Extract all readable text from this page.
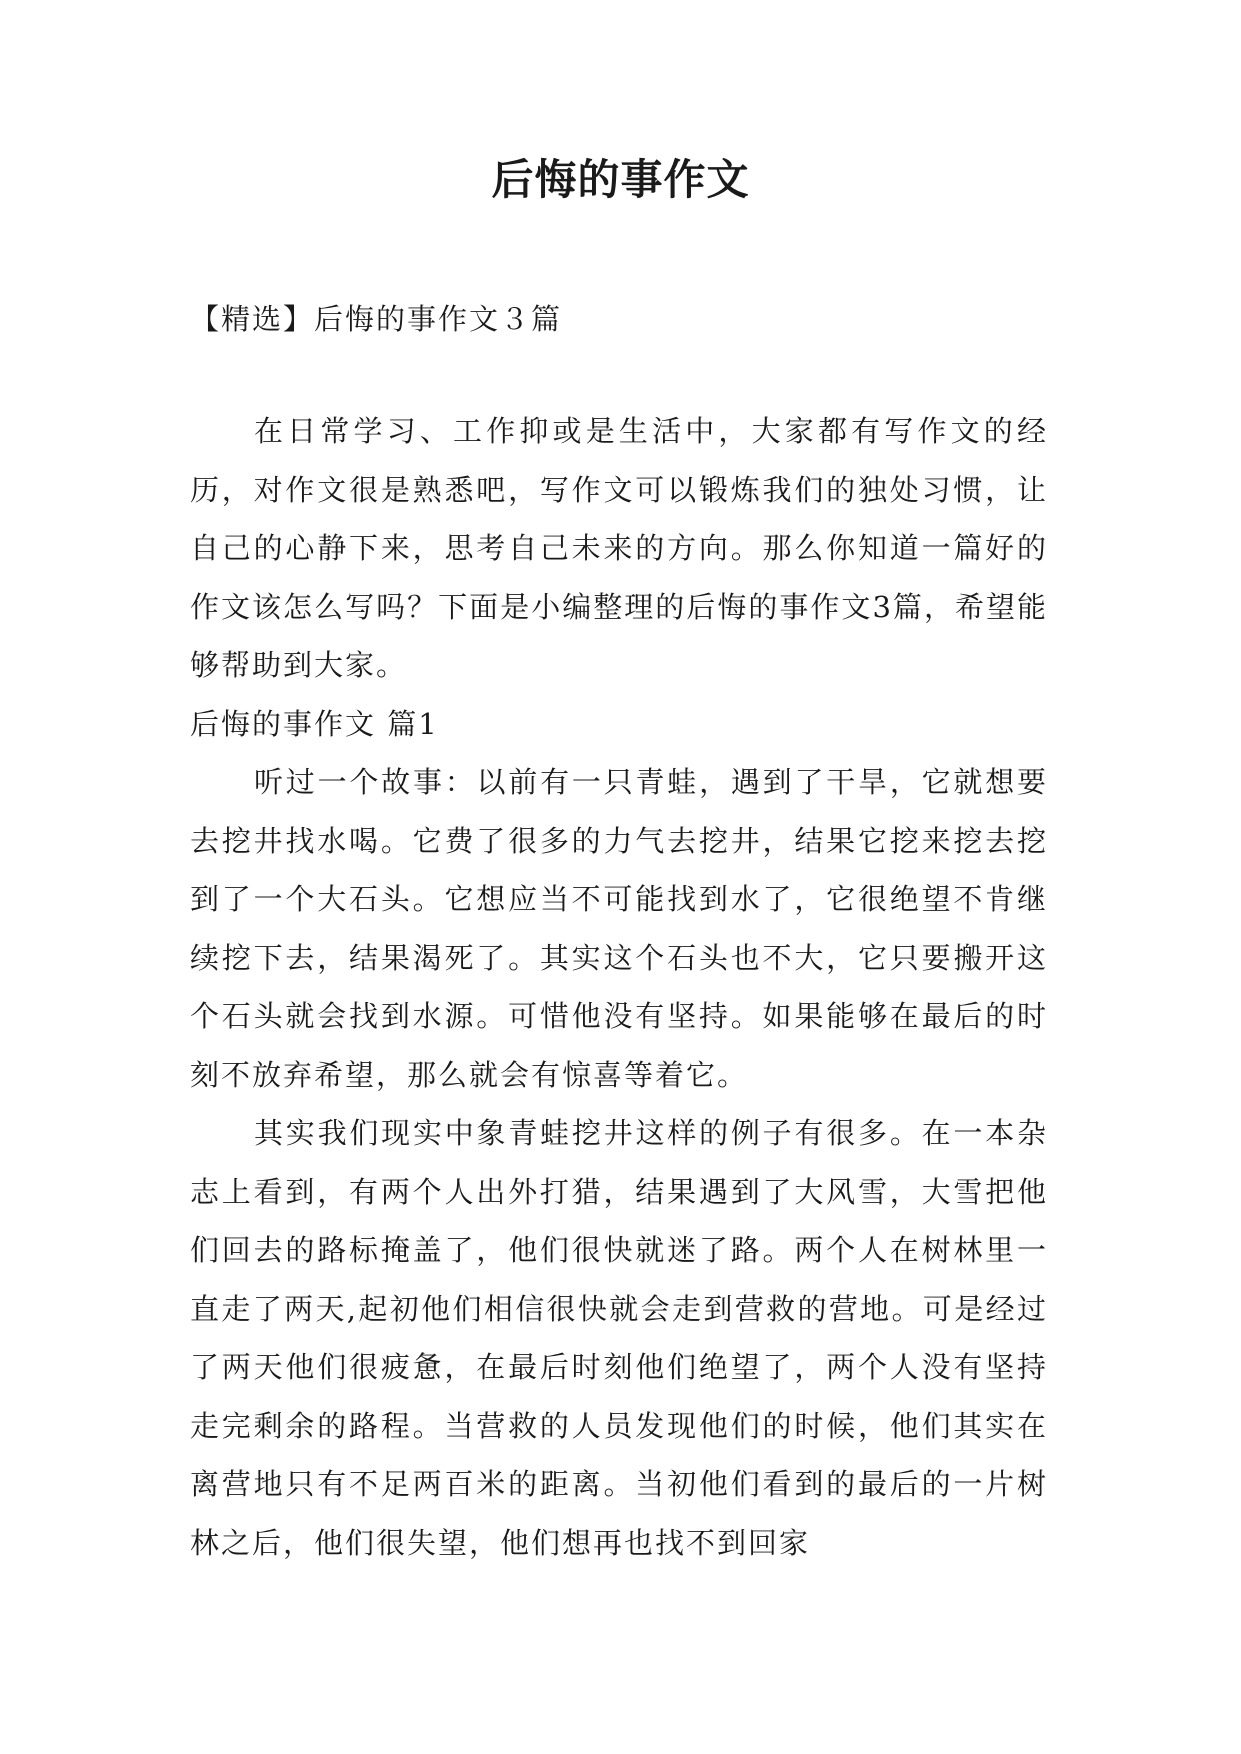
后悔的事作文
【精选】后悔的事作文３篇

在日常学习、工作抑或是生活中，大家都有写作文的经历，对作文很是熟悉吧，写作文可以锻炼我们的独处习惯，让自己的心静下来，思考自己未来的方向。那么你知道一篇好的作文该怎么写吗？下面是小编整理的后悔的事作文3篇，希望能够帮助到大家。

后悔的事作文 篇1

听过一个故事：以前有一只青蛙，遇到了干旱，它就想要去挖井找水喝。它费了很多的力气去挖井，结果它挖来挖去挖到了一个大石头。它想应当不可能找到水了，它很绝望不肯继续挖下去，结果渴死了。其实这个石头也不大，它只要搬开这个石头就会找到水源。可惜他没有坚持。如果能够在最后的时刻不放弃希望，那么就会有惊喜等着它。

其实我们现实中象青蛙挖井这样的例子有很多。在一本杂志上看到，有两个人出外打猎，结果遇到了大风雪，大雪把他们回去的路标掩盖了，他们很快就迷了路。两个人在树林里一直走了两天,起初他们相信很快就会走到营救的营地。可是经过了两天他们很疲惫，在最后时刻他们绝望了，两个人没有坚持走完剩余的路程。当营救的人员发现他们的时候，他们其实在离营地只有不足两百米的距离。当初他们看到的最后的一片树林之后，他们很失望，他们想再也找不到回家
